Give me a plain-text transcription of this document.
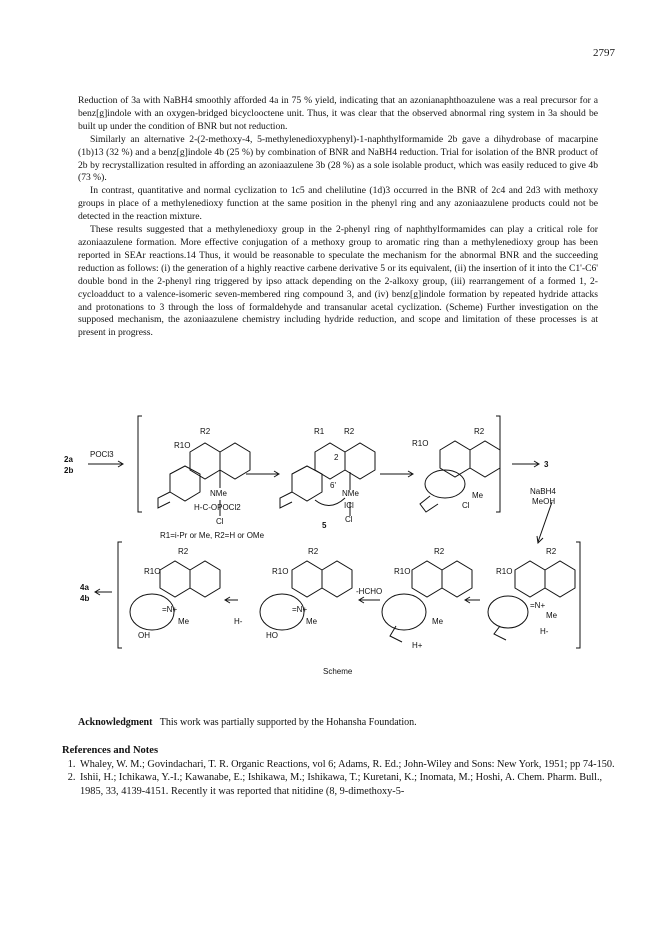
2797

Reduction of 3a with NaBH4 smoothly afforded 4a in 75 % yield, indicating that an azonianaphthoazulene was a real precursor for a benz[g]indole with an oxygen-bridged bicyclooctene unit. Thus, it was clear that the observed abnormal ring system in 3a should be built up under the condition of BNR but not reduction.

Similarly an alternative 2-(2-methoxy-4, 5-methylenedioxyphenyl)-1-naphthylformamide 2b gave a dihydrobase of macarpine (1b)13 (32 %) and a benz[g]indole 4b (25 %) by combination of BNR and NaBH4 reduction. Trial for isolation of the BNR product of 2b by recrystallization resulted in affording an azoniaazulene 3b (28 %) as a sole isolable product, which was easily reduced to give 4b (73 %).

In contrast, quantitative and normal cyclization to 1c5 and chelilutine (1d)3 occurred in the BNR of 2c4 and 2d3 with methoxy groups in place of a methylenedioxy function at the same position in the phenyl ring and any azoniaazulene products could not be detected in the reaction mixture.

These results suggested that a methylenedioxy group in the 2-phenyl ring of naphthylformamides can play a critical role for azoniaazulene formation. More effective conjugation of a methoxy group to aromatic ring than a methylenedioxy group has been reported in SEAr reactions.14 Thus, it would be reasonable to speculate the mechanism for the abnormal BNR and the succeeding reduction as follows: (i) the generation of a highly reactive carbene derivative 5 or its equivalent, (ii) the insertion of it into the C1'-C6' double bond in the 2-phenyl ring triggered by ipso attack depending on the 2-alkoxy group, (iii) rearrangement of a formed 1, 2-cycloadduct to a valence-isomeric seven-membered ring compound 3, and (iv) benz[g]indole formation by repeated hydride attacks and protonations to 3 through the loss of formaldehyde and transanular acetal cyclization. (Scheme) Further investigation on the supposed mechanism, the azoniaazulene chemistry including hydride reduction, and scope and limitation of these processes is at present in progress.

2a
2b
POCl3
R1O
R2
NMe
H-C-OPOCl2
Cl
R1 R2
2
6'
NMe
ICl
Cl
5
R1O
R2
Me
Cl
3
NaBH4
MeOH
R1=i-Pr or Me, R2=H or OMe
4a
4b
R2
R1O
=N+
Me
OH
H-
R2
R1O
=N+
Me
HO
-HCHO
R2
R1O
Me
H+
R2
R1O
=N+
Me
H-
Scheme
Acknowledgment This work was partially supported by the Hohansha Foundation.
References and Notes
1. Whaley, W. M.; Govindachari, T. R. Organic Reactions, vol 6; Adams, R. Ed.; John-Wiley and Sons: New York, 1951; pp 74-150.
2. Ishii, H.; Ichikawa, Y.-I.; Kawanabe, E.; Ishikawa, M.; Ishikawa, T.; Kuretani, K.; Inomata, M.; Hoshi, A. Chem. Pharm. Bull., 1985, 33, 4139-4151. Recently it was reported that nitidine (8, 9-dimethoxy-5-
